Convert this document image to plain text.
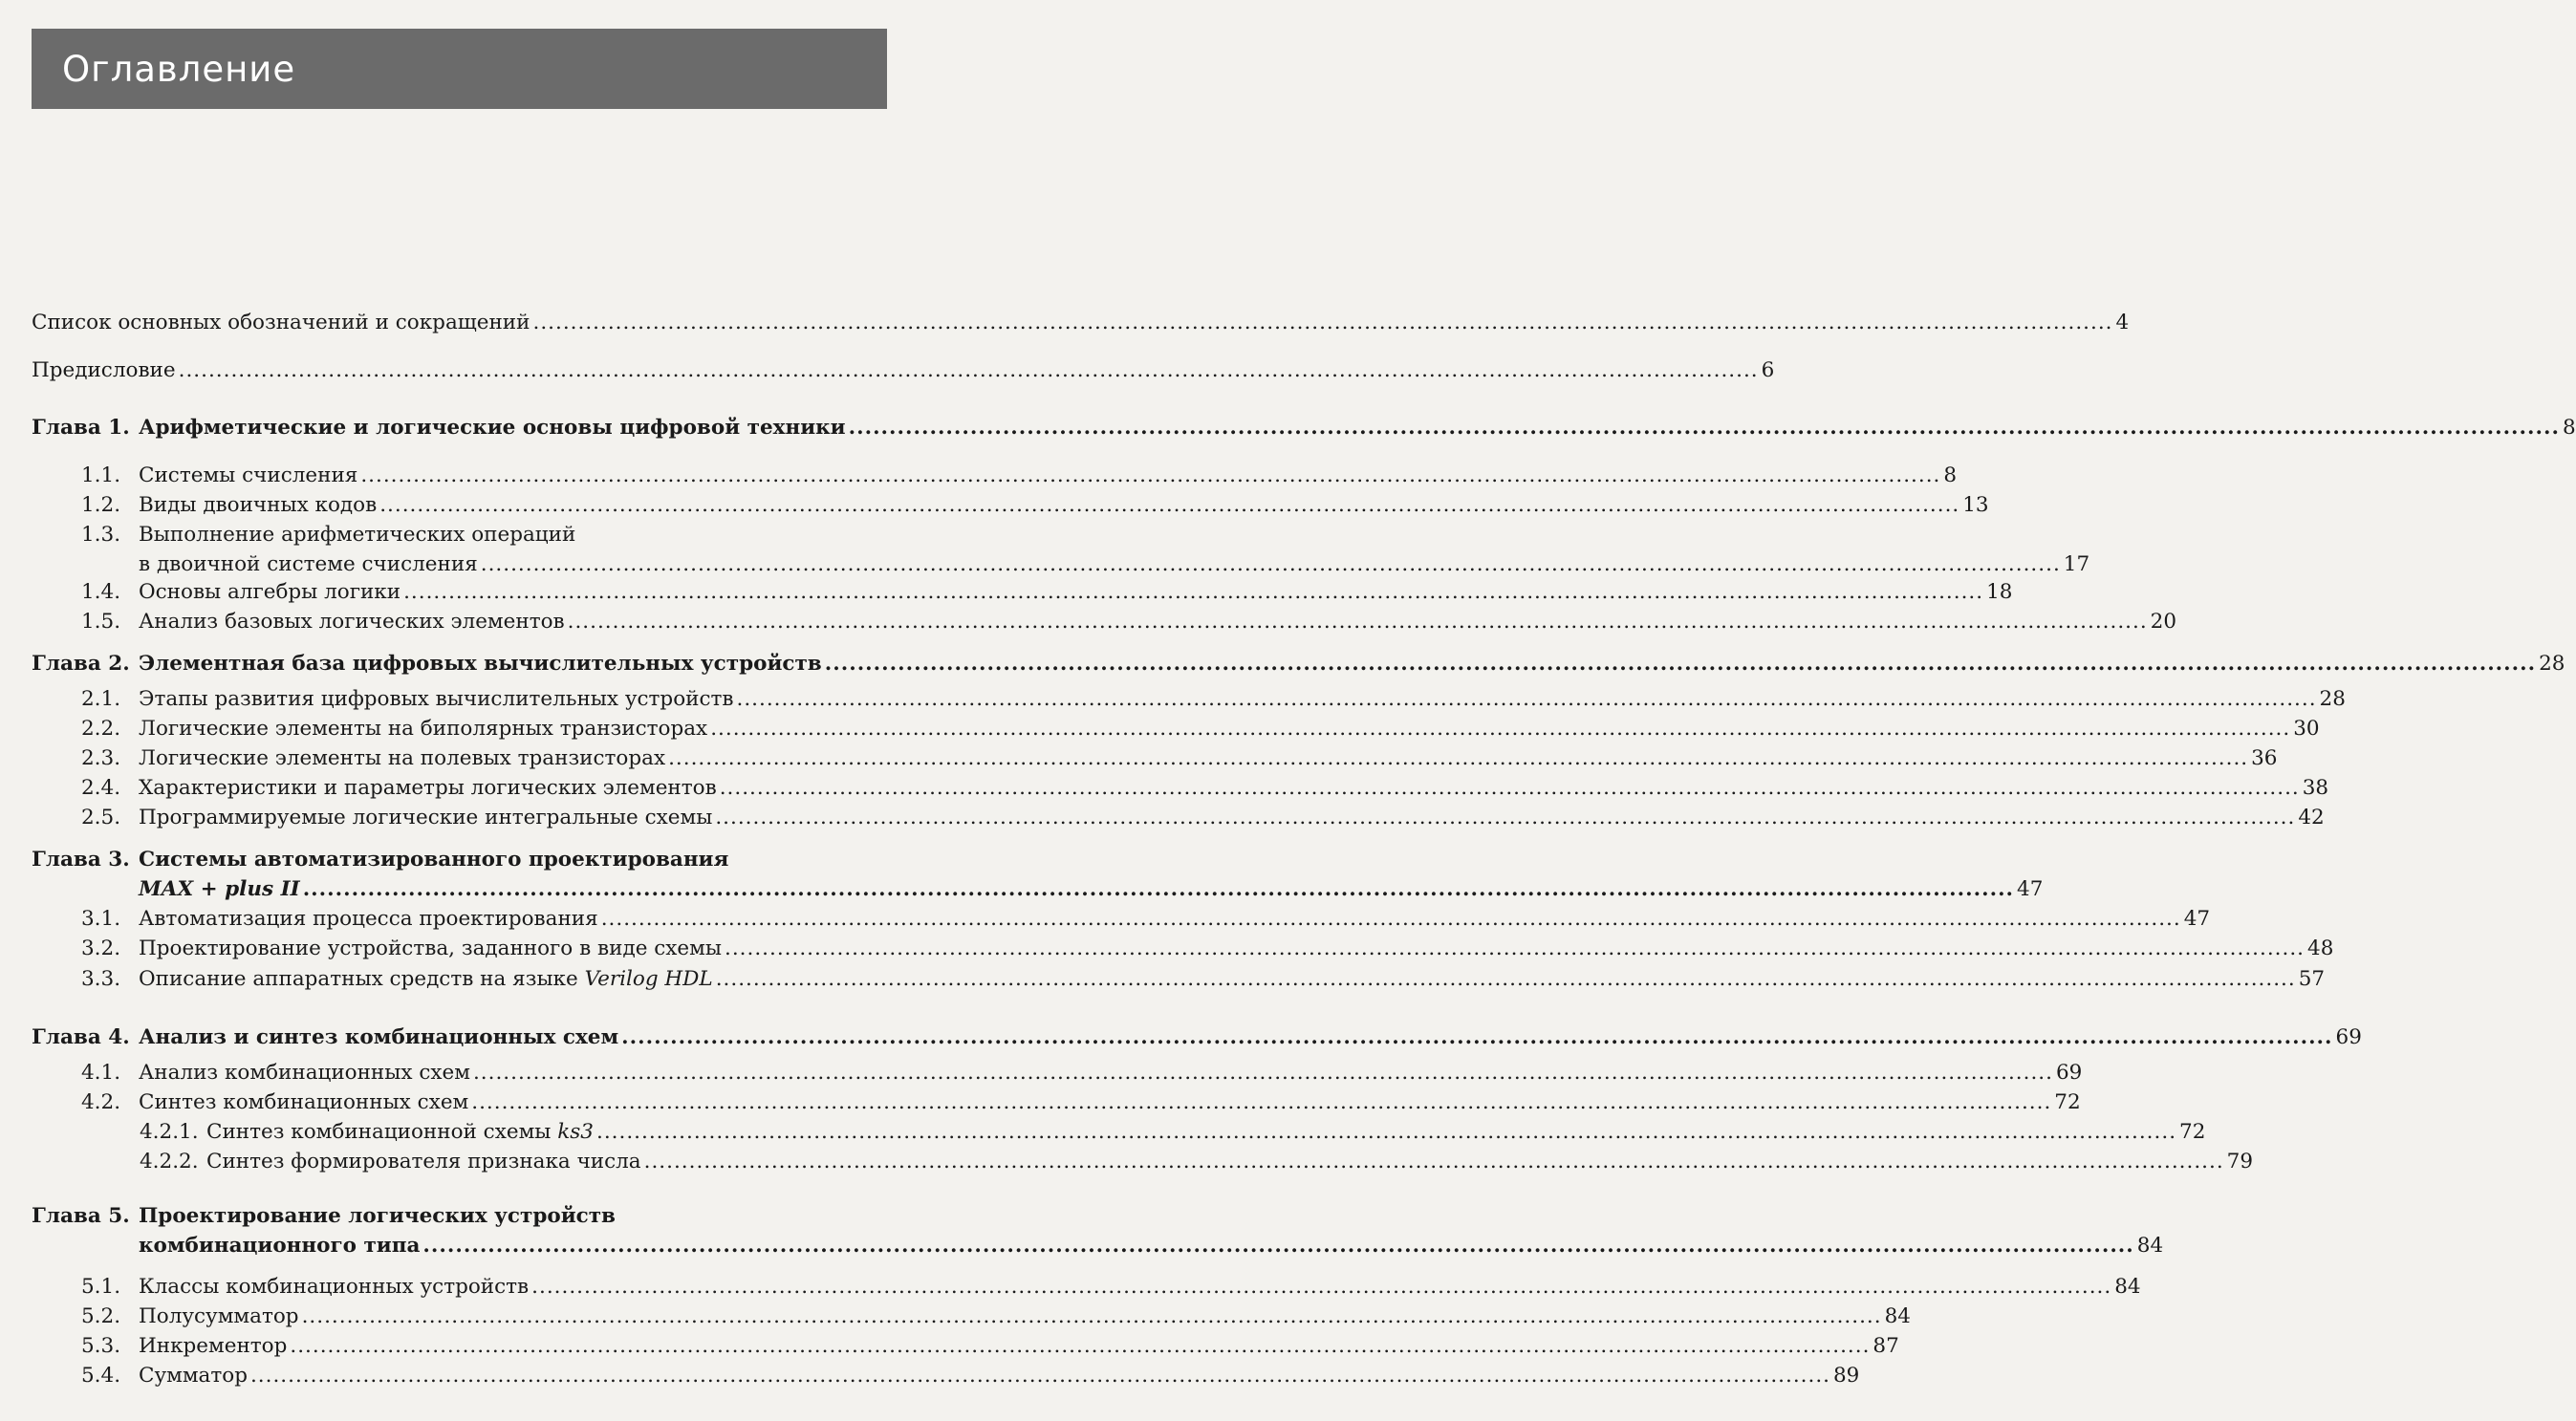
Оглавление
Список основных обозначений и сокращений .....	4
Предисловие .....	6
Глава 1. Арифметические и логические основы цифровой техники .....	8
1.1. Системы счисления .....	8
1.2. Виды двоичных кодов .....	13
1.3. Выполнение арифметических операций
в двоичной системе счисления .....	17
1.4. Основы алгебры логики .....	18
1.5. Анализ базовых логических элементов .....	20
Глава 2. Элементная база цифровых вычислительных устройств .....	28
2.1. Этапы развития цифровых вычислительных устройств .....	28
2.2. Логические элементы на биполярных транзисторах .....	30
2.3. Логические элементы на полевых транзисторах .....	36
2.4. Характеристики и параметры логических элементов .....	38
2.5. Программируемые логические интегральные схемы .....	42
Глава 3. Системы автоматизированного проектирования
MAX + plus II .....	47
3.1. Автоматизация процесса проектирования .....	47
3.2. Проектирование устройства, заданного в виде схемы .....	48
3.3. Описание аппаратных средств на языке Verilog HDL .....	57
Глава 4. Анализ и синтез комбинационных схем .....	69
4.1. Анализ комбинационных схем .....	69
4.2. Синтез комбинационных схем .....	72
4.2.1. Синтез комбинационной схемы ks3 .....	72
4.2.2. Синтез формирователя признака числа .....	79
Глава 5. Проектирование логических устройств
комбинационного типа .....	84
5.1. Классы комбинационных устройств .....	84
5.2. Полусумматор .....	84
5.3. Инкрементор .....	87
5.4. Сумматор .....	89
